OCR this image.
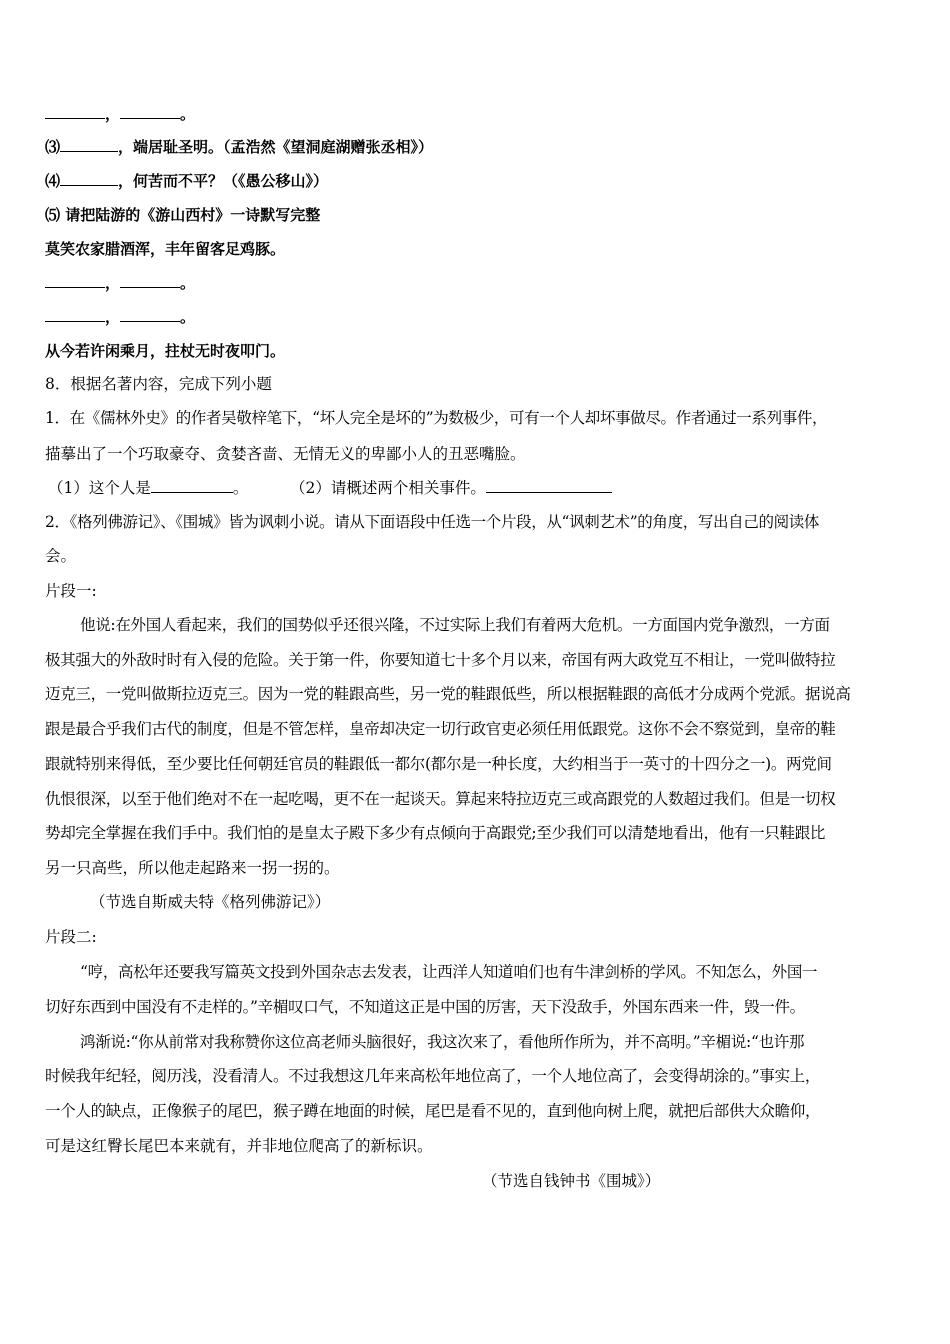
，	。
⑶	，端居耻圣明。（孟浩然《望洞庭湖赠张丞相》）
⑷	，何苦而不平？（《愚公移山》）
⑸ 请把陆游的《游山西村》一诗默写完整
莫笑农家腊酒浑，丰年留客足鸡豚。
，	。
，	。
从今若许闲乘月，拄杖无时夜叩门。
8．根据名著内容，完成下列小题
1．在《儒林外史》的作者吴敬梓笔下，“坏人完全是坏的”为数极少，可有一个人却坏事做尽。作者通过一系列事件，
描摹出了一个巧取豪夺、贪婪吝啬、无情无义的卑鄙小人的丑恶嘴脸。
（1）这个人是	。	（2）请概述两个相关事件。
2．《格列佛游记》、《围城》皆为讽刺小说。请从下面语段中任选一个片段，从“讽刺艺术”的角度，写出自己的阅读体
会。
片段一:
他说:在外国人看起来，我们的国势似乎还很兴隆，不过实际上我们有着两大危机。一方面国内党争激烈，一方面
极其强大的外敌时时有入侵的危险。关于第一件，你要知道七十多个月以来，帝国有两大政党互不相让，一党叫做特拉
迈克三，一党叫做斯拉迈克三。因为一党的鞋跟高些，另一党的鞋跟低些，所以根据鞋跟的高低才分成两个党派。据说高
跟是最合乎我们古代的制度，但是不管怎样，皇帝却决定一切行政官吏必须任用低跟党。这你不会不察觉到，皇帝的鞋
跟就特别来得低，至少要比任何朝廷官员的鞋跟低一都尔(都尔是一种长度，大约相当于一英寸的十四分之一)。两党间
仇恨很深，以至于他们绝对不在一起吃喝，更不在一起谈天。算起来特拉迈克三或高跟党的人数超过我们。但是一切权
势却完全掌握在我们手中。我们怕的是皇太子殿下多少有点倾向于高跟党;至少我们可以清楚地看出，他有一只鞋跟比
另一只高些，所以他走起路来一拐一拐的。
（节选自斯威夫特《格列佛游记》）
片段二:
“哼，高松年还要我写篇英文投到外国杂志去发表，让西洋人知道咱们也有牛津剑桥的学风。不知怎么，外国一
切好东西到中国没有不走样的。”辛楣叹口气，不知道这正是中国的厉害，天下没敌手，外国东西来一件，毁一件。
鸿渐说:“你从前常对我称赞你这位高老师头脑很好，我这次来了，看他所作所为，并不高明。”辛楣说:“也许那
时候我年纪轻，阅历浅，没看清人。不过我想这几年来高松年地位高了，一个人地位高了，会变得胡涂的。”事实上，
一个人的缺点，正像猴子的尾巴，猴子蹲在地面的时候，尾巴是看不见的，直到他向树上爬，就把后部供大众瞻仰，
可是这红臀长尾巴本来就有，并非地位爬高了的新标识。
（节选自钱钟书《围城》）
